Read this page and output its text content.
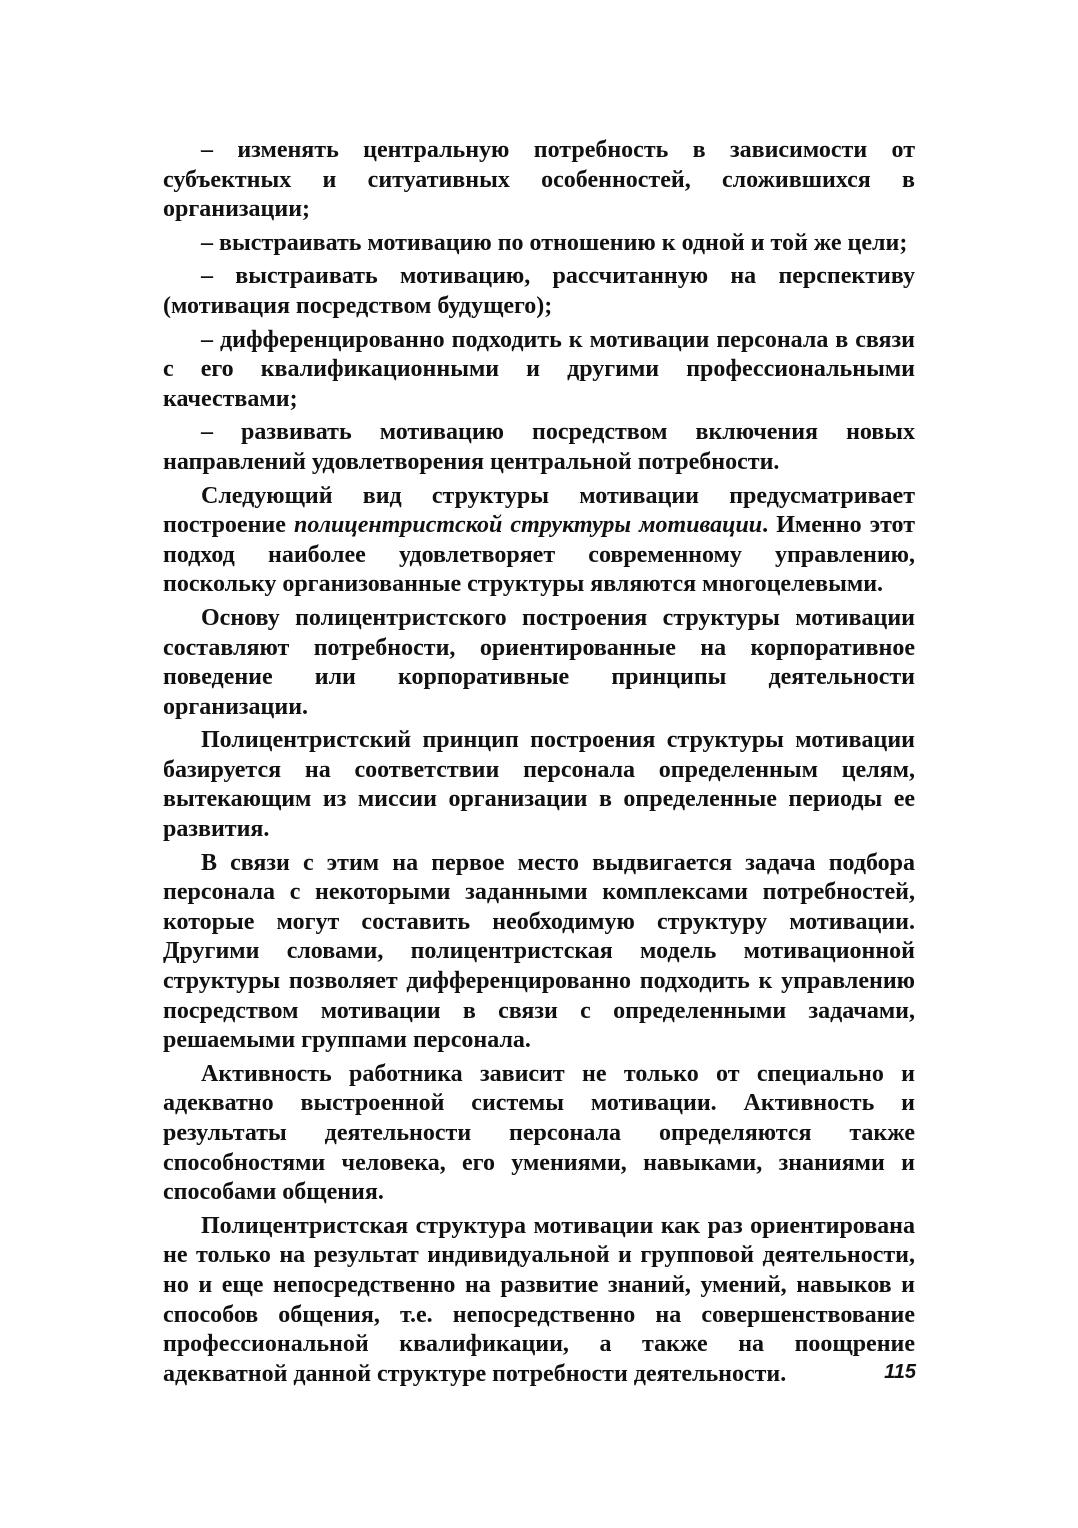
– изменять центральную потребность в зависимости от субъектных и ситуативных особенностей, сложившихся в организации;

– выстраивать мотивацию по отношению к одной и той же цели;

– выстраивать мотивацию, рассчитанную на перспективу (мотивация посредством будущего);

– дифференцированно подходить к мотивации персонала в связи с его квалификационными и другими профессиональными качествами;

– развивать мотивацию посредством включения новых направлений удовлетворения центральной потребности.

Следующий вид структуры мотивации предусматривает построение полицентристской структуры мотивации. Именно этот подход наиболее удовлетворяет современному управлению, поскольку организованные структуры являются многоцелевыми.

Основу полицентристского построения структуры мотивации составляют потребности, ориентированные на корпоративное поведение или корпоративные принципы деятельности организации.

Полицентристский принцип построения структуры мотивации базируется на соответствии персонала определенным целям, вытекающим из миссии организации в определенные периоды ее развития.

В связи с этим на первое место выдвигается задача подбора персонала с некоторыми заданными комплексами потребностей, которые могут составить необходимую структуру мотивации. Другими словами, полицентристская модель мотивационной структуры позволяет дифференцированно подходить к управлению посредством мотивации в связи с определенными задачами, решаемыми группами персонала.

Активность работника зависит не только от специально и адекватно выстроенной системы мотивации. Активность и результаты деятельности персонала определяются также способностями человека, его умениями, навыками, знаниями и способами общения.

Полицентристская структура мотивации как раз ориентирована не только на результат индивидуальной и групповой деятельности, но и еще непосредственно на развитие знаний, умений, навыков и способов общения, т.е. непосредственно на совершенствование профессиональной квалификации, а также на поощрение адекватной данной структуре потребности деятельности.	115
